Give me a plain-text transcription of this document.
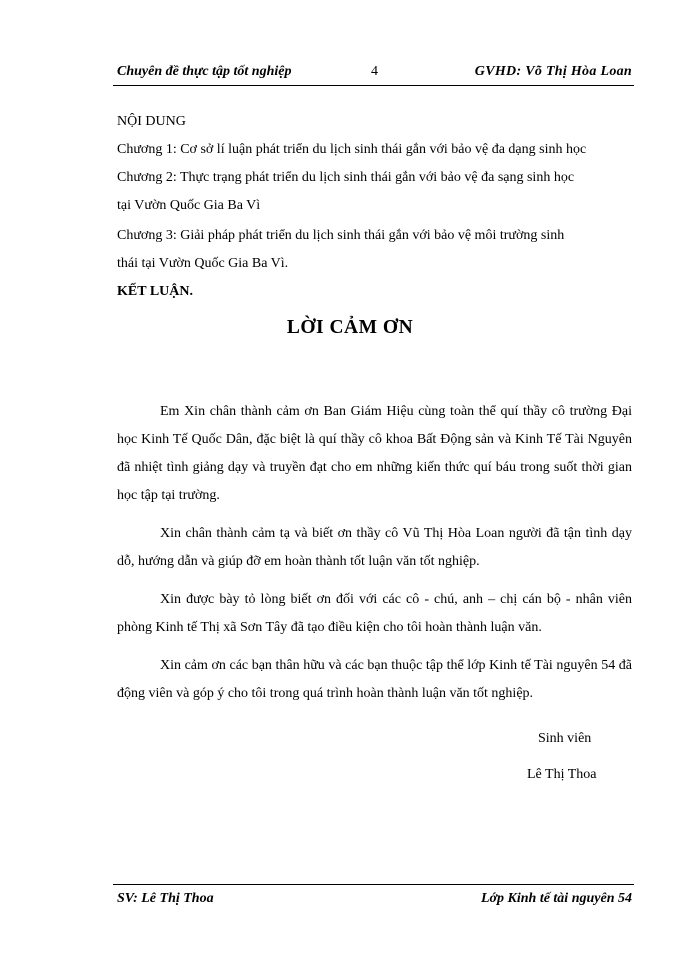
Chuyên đề thực tập tốt nghiệp	4	GVHD: Võ Thị Hòa Loan

NỘI DUNG

Chương 1: Cơ sở lí luận phát triển du lịch sinh thái gắn với bảo vệ đa dạng sinh học

Chương 2: Thực trạng phát triển du lịch sinh thái gắn với bảo vệ đa sạng sinh học

tại Vườn Quốc Gia Ba Vì

Chương 3: Giải pháp phát triển du lịch sinh thái gắn với bảo vệ môi trường sinh

thái tại Vườn Quốc Gia Ba Vì.

KẾT LUẬN.

LỜI CẢM ƠN

Em Xin chân thành cảm ơn Ban Giám Hiệu cùng toàn thể quí thầy cô trường Đại học Kinh Tế Quốc Dân, đặc biệt là quí thầy cô khoa Bất Động sản và Kinh Tế Tài Nguyên đã nhiệt tình giảng dạy và truyền đạt cho em những kiến thức quí báu trong suốt thời gian học tập tại trường.

Xin chân thành cảm tạ và biết ơn thầy cô Vũ Thị Hòa Loan người đã tận tình dạy dỗ, hướng dẫn và giúp đỡ em hoàn thành tốt luận văn tốt nghiệp.

Xin được bày tỏ lòng biết ơn đối với các cô - chú, anh – chị cán bộ - nhân viên phòng Kinh tế Thị xã Sơn Tây đã tạo điều kiện cho tôi hoàn thành luận văn.

Xin cảm ơn các bạn thân hữu và các bạn thuộc tập thể lớp Kinh tế Tài nguyên 54 đã động viên và góp ý cho tôi trong quá trình hoàn thành luận văn tốt nghiệp.

Sinh viên
Lê Thị Thoa
SV: Lê Thị Thoa	Lớp Kinh tế tài nguyên 54
